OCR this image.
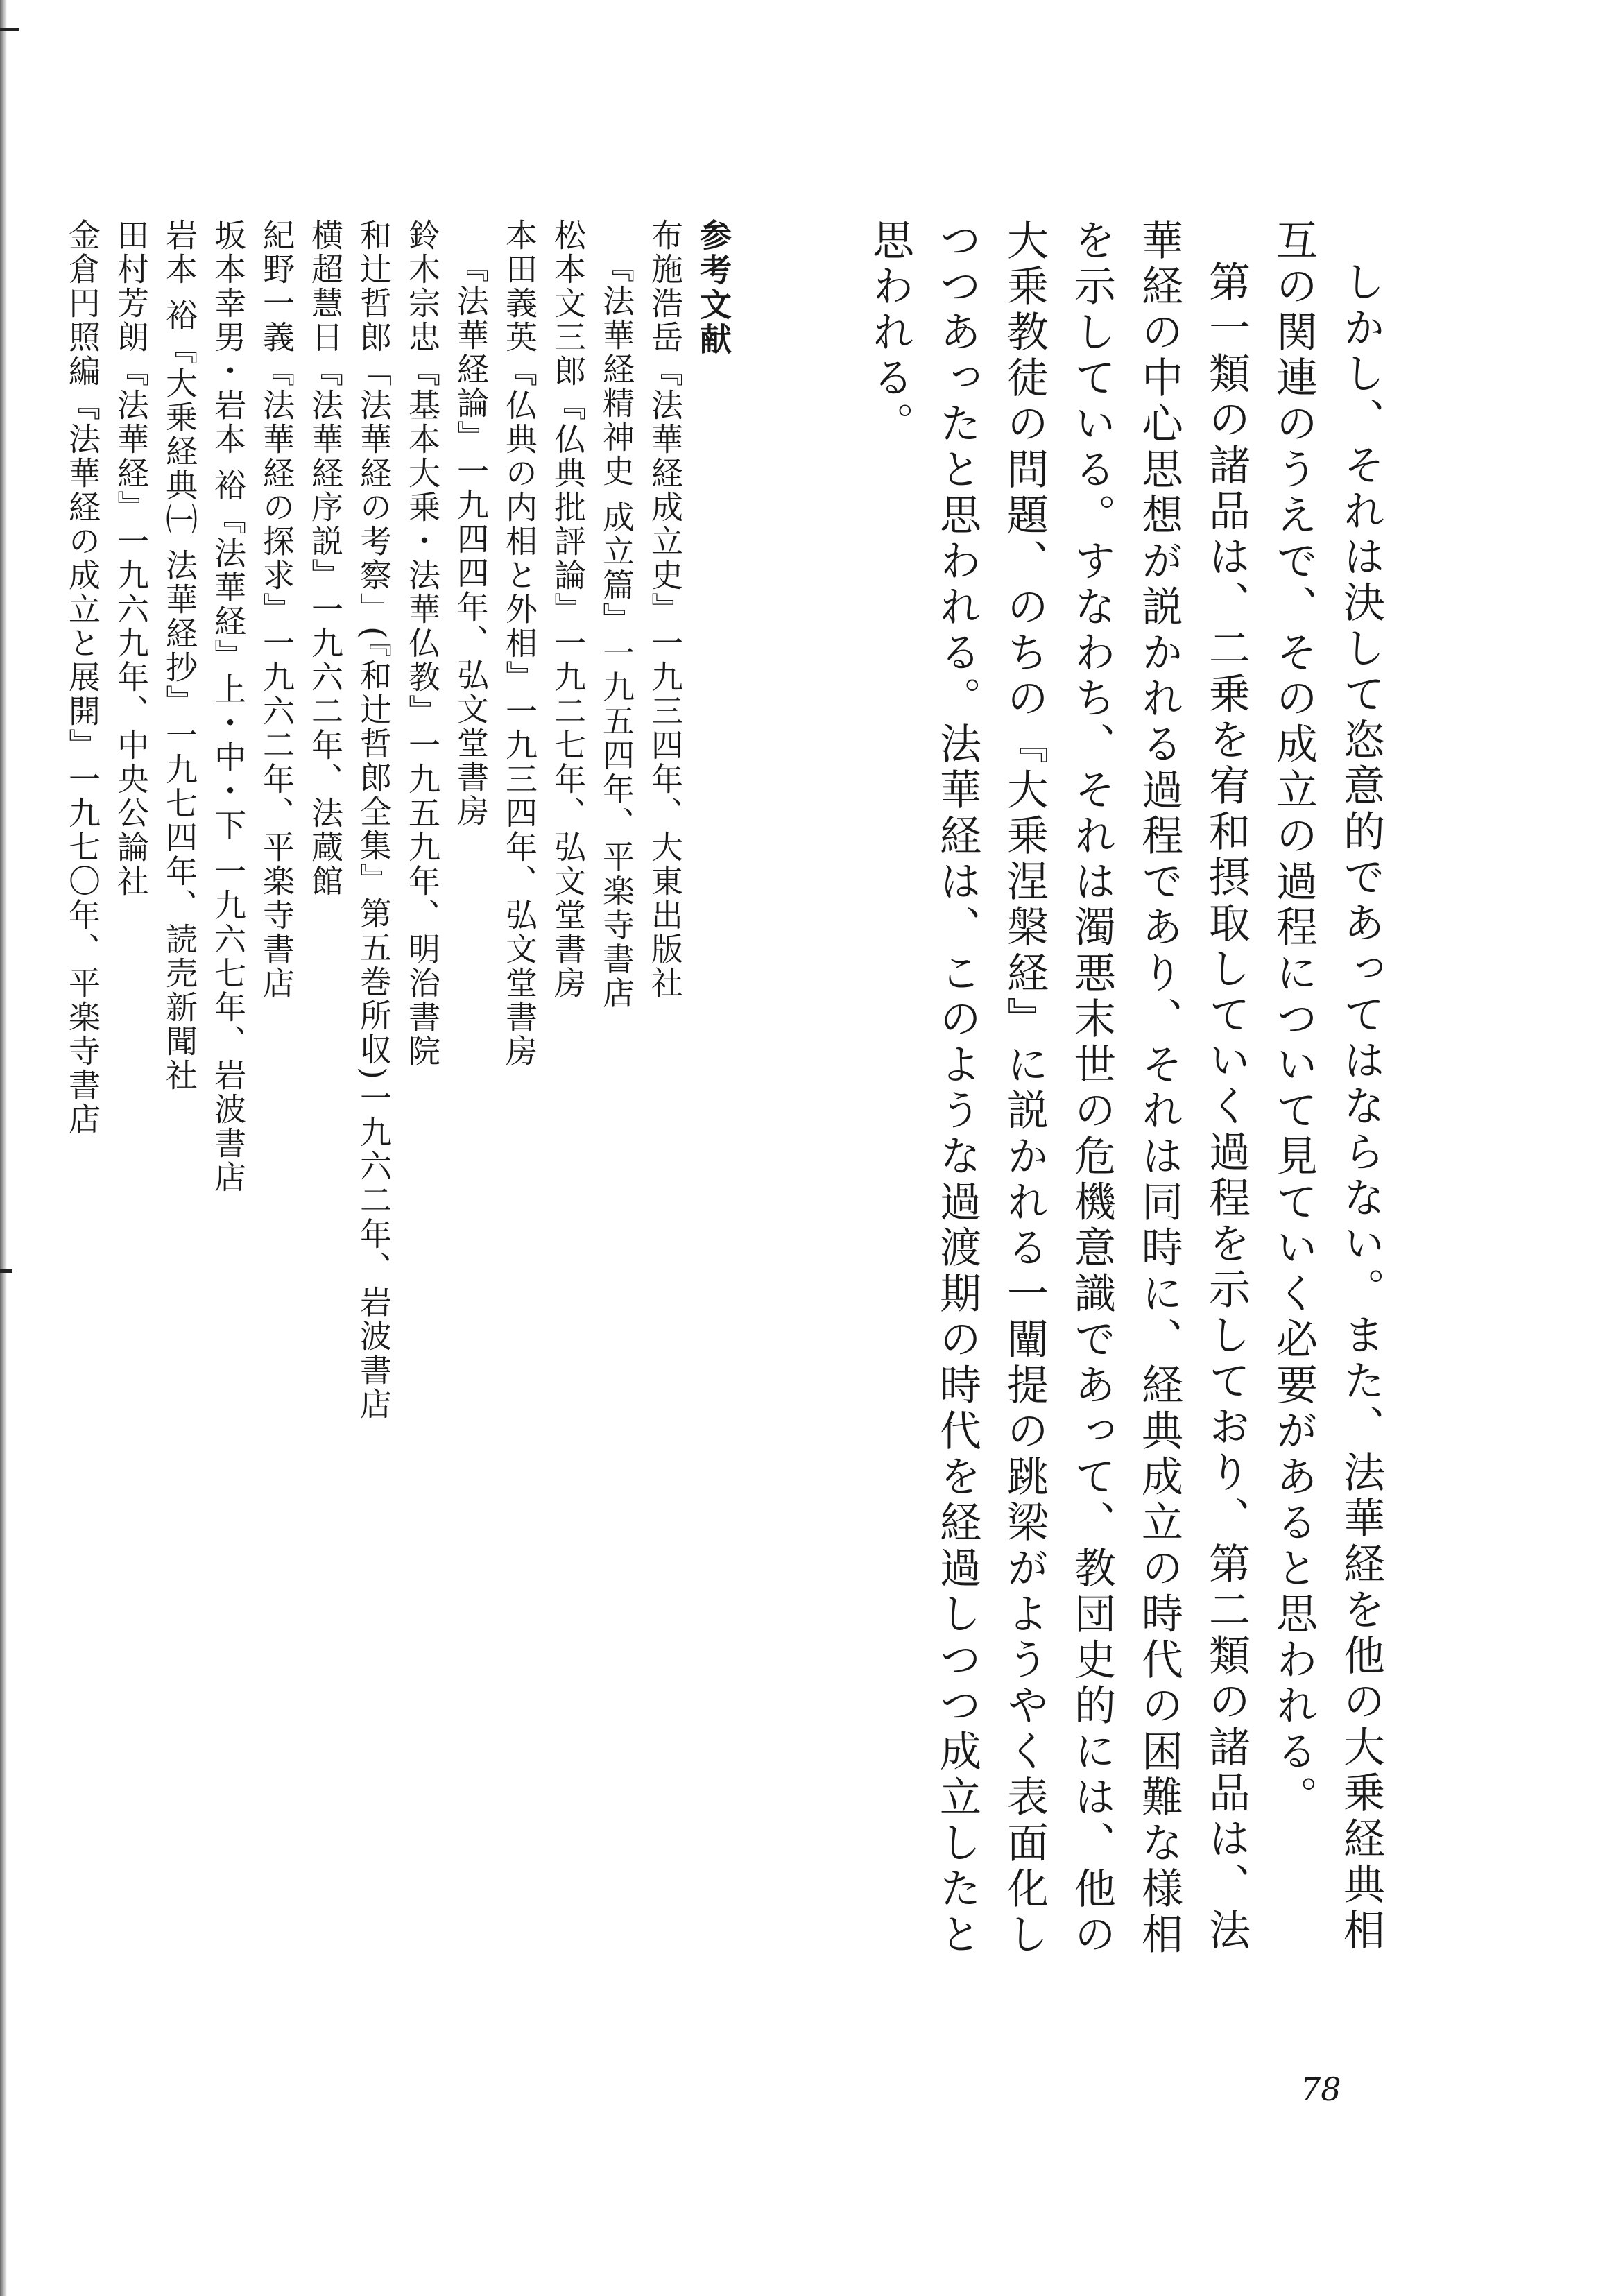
しかし、それは決して恣意的であってはならない。また、法華経を他の大乗経典相互の関連のうえで、その成立の過程について見ていく必要があると思われる。

第一類の諸品は、二乗を宥和摂取していく過程を示しており、第二類の諸品は、法華経の中心思想が説かれる過程であり、それは同時に、経典成立の時代の困難な様相を示している。すなわち、それは濁悪末世の危機意識であって、教団史的には、他の大乗教徒の問題、のちの『大乗涅槃経』に説かれる一闡提の跳梁がようやく表面化しつつあったと思われる。法華経は、このような過渡期の時代を経過しつつ成立したと思われる。

参考文献
布施浩岳『法華経成立史』一九三四年、大東出版社
『法華経精神史 成立篇』一九五四年、平楽寺書店
松本文三郎『仏典批評論』一九二七年、弘文堂書房
本田義英『仏典の内相と外相』一九三四年、弘文堂書房
『法華経論』一九四四年、弘文堂書房
鈴木宗忠『基本大乗・法華仏教』一九五九年、明治書院
和辻哲郎「法華経の考察」(『和辻哲郎全集』第五巻所収)一九六二年、岩波書店
横超慧日『法華経序説』一九六二年、法蔵館
紀野一義『法華経の探求』一九六二年、平楽寺書店
坂本幸男・岩本 裕『法華経』上・中・下 一九六七年、岩波書店
岩本 裕『大乗経典㈠ 法華経抄』一九七四年、読売新聞社
田村芳朗『法華経』一九六九年、中央公論社
金倉円照編『法華経の成立と展開』一九七〇年、平楽寺書店
78
